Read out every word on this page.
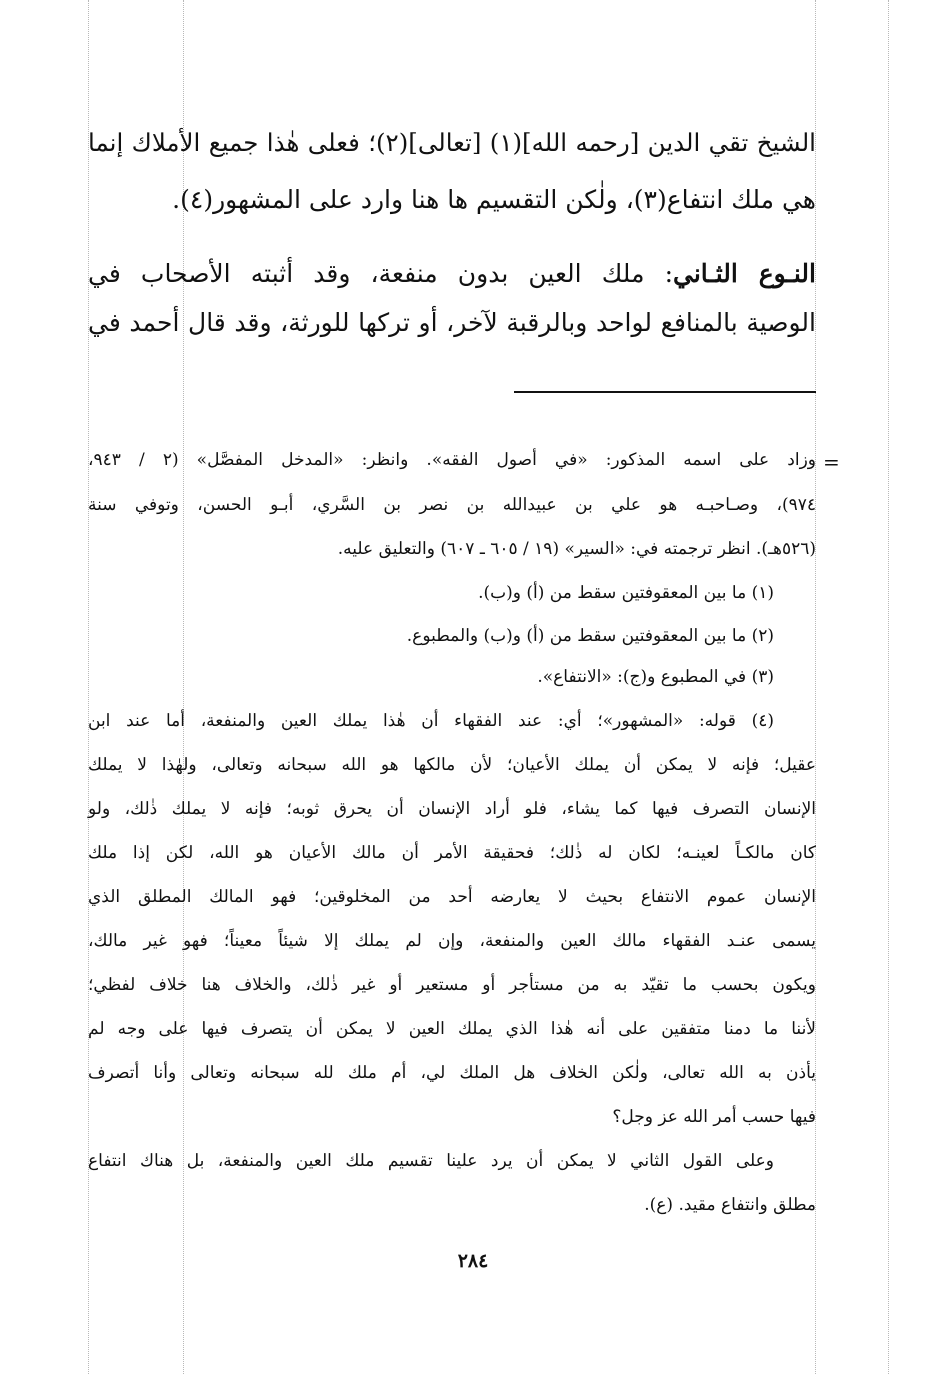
الشيخ تقي الدين [رحمه الله](١) [تعالى](٢)؛ فعلى هٰذا جميع الأملاك إنما
هي ملك انتفاع(٣)، ولٰكن التقسيم ها هنا وارد على المشهور(٤).
النـوع الثـاني: ملك العين بدون منفعة، وقد أثبته الأصحاب في
الوصية بالمنافع لواحد وبالرقبة لآخر، أو تركها للورثة، وقد قال أحمد في
=
وزاد على اسمه المذكور: «في أصول الفقه». وانظر: «المدخل المفصَّل» (٢ / ٩٤٣،
٩٧٤)، وصـاحبـه هو علي بن عبيدالله بن نصر بن السَّري، أبـو الحسن، وتوفي سنة
(٥٢٦هـ). انظر ترجمته في: «السير» (١٩ / ٦٠٥ ـ ٦٠٧) والتعليق عليه.
(١) ما بين المعقوفتين سقط من (أ) و(ب).
(٢) ما بين المعقوفتين سقط من (أ) و(ب) والمطبوع.
(٣) في المطبوع و(ج): «الانتفاع».
(٤) قوله: «المشهور»؛ أي: عند الفقهاء أن هٰذا يملك العين والمنفعة، أما عند ابن
عقيل؛ فإنه لا يمكن أن يملك الأعيان؛ لأن مالكها هو الله سبحانه وتعالى، ولهٰذا لا يملك
الإنسان التصرف فيها كما يشاء، فلو أراد الإنسان أن يحرق ثوبه؛ فإنه لا يملك ذٰلك، ولو
كان مالكـاً لعينـه؛ لكان له ذٰلك؛ فحقيقة الأمر أن مالك الأعيان هو الله، لكن إذا ملك
الإنسان عموم الانتفاع بحيث لا يعارضه أحد من المخلوقين؛ فهو المالك المطلق الذي
يسمى عنـد الفقهاء مالك العين والمنفعة، وإن لم يملك إلا شيئاً معيناً؛ فهو غير مالك،
ويكون بحسب ما تقيّد به من مستأجر أو مستعير أو غير ذٰلك، والخلاف هنا خلاف لفظي؛
لأننا ما دمنا متفقين على أنه هٰذا الذي يملك العين لا يمكن أن يتصرف فيها على وجه لم
يأذن به الله تعالى، ولٰكن الخلاف هل الملك لي، أم ملك لله سبحانه وتعالى وأنا أتصرف
فيها حسب أمر الله عز وجل؟
وعلى القول الثاني لا يمكن أن يرد علينا تقسيم ملك العين والمنفعة، بل هناك انتفاع
مطلق وانتفاع مقيد. (ع).
٢٨٤
